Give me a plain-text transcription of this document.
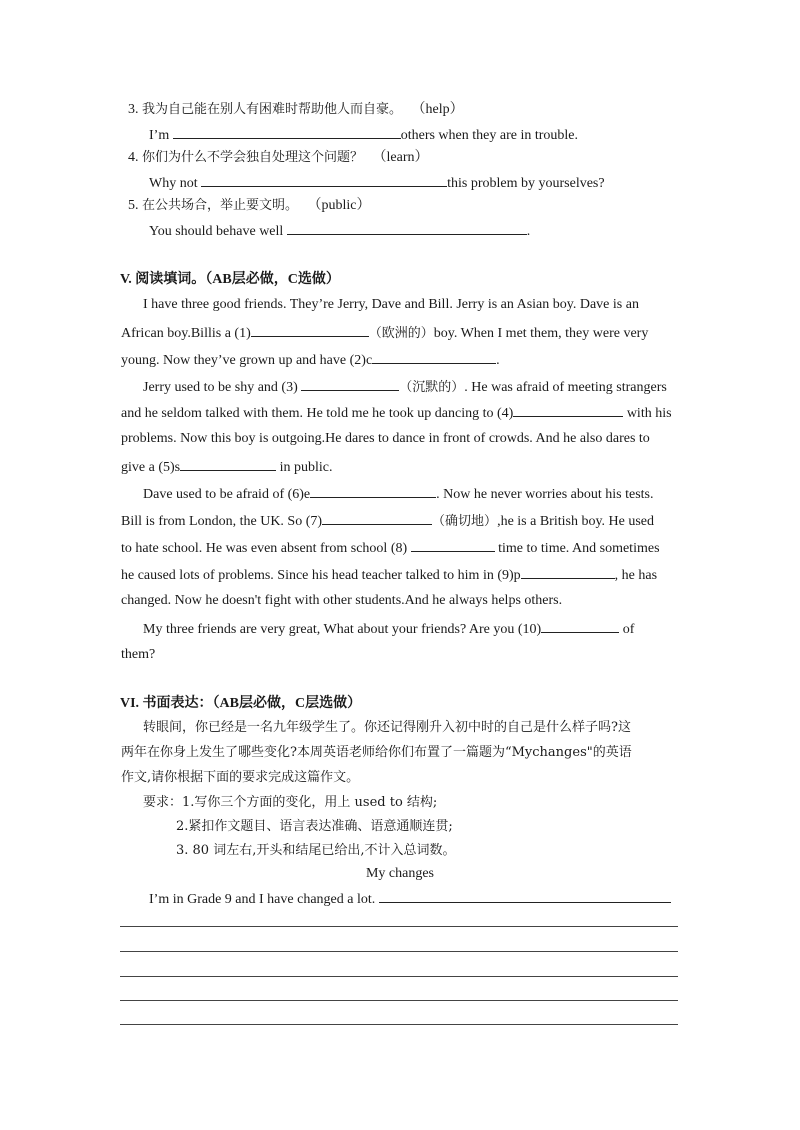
3. 我为自己能在别人有困难时帮助他人而自豪。 （help）
I’m	others when they are in trouble.
4. 你们为什么不学会独自处理这个问题？ （learn）
Why not	this problem by yourselves?
5. 在公共场合，举止要文明。 （public）
You should behave well	.
V. 阅读填词。（AB层必做，C选做）
I have three good friends. They’re Jerry, Dave and Bill. Jerry is an Asian boy. Dave is an
African boy.Billis a (1)	（欧洲的）boy. When I met them, they were very
young. Now they’ve grown up and have (2)c	.
Jerry used to be shy and (3)	（沉默的）. He was afraid of meeting strangers
and he seldom talked with them. He told me he took up dancing to (4)	with his
problems. Now this boy is outgoing.He dares to dance in front of crowds. And he also dares to
give a (5)s	in public.
Dave used to be afraid of (6)e	. Now he never worries about his tests.
Bill is from London, the UK. So (7)	（确切地）,he is a British boy. He used
to hate school. He was even absent from school (8)	time to time. And sometimes
he caused lots of problems. Since his head teacher talked to him in (9)p	, he has
changed. Now he doesn't fight with other students.And he always helps others.
My three friends are very great, What about your friends? Are you (10)	of
them?
VI. 书面表达：（AB层必做，C层选做）
转眼间，你已经是一名九年级学生了。你还记得刚升入初中时的自己是什么样子吗?这
两年在你身上发生了哪些变化?本周英语老师给你们布置了一篇题为“Mychanges"的英语
作文,请你根据下面的要求完成这篇作文。
要求：1.写你三个方面的变化，用上 used to 结构;
2.紧扣作文题目、语言表达准确、语意通顺连贯;
3. 80 词左右,开头和结尾已给出,不计入总词数。
My changes
I’m in Grade 9 and I have changed a lot.
